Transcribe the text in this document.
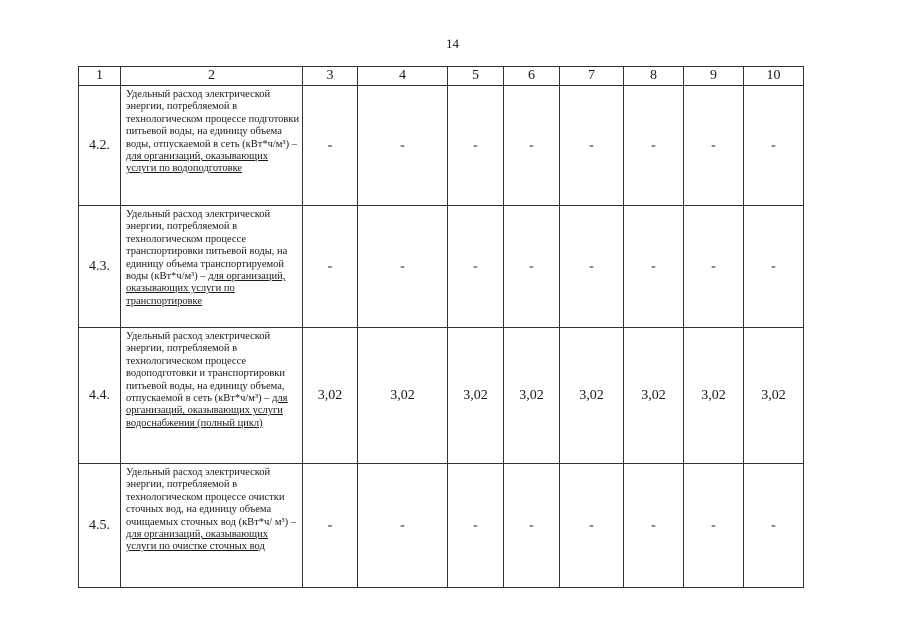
14
1	2	3	4	5	6	7	8	9	10
4.2.	Удельный расход электрической энергии, потребляемой в технологическом процессе подготовки питьевой воды, на единицу объема воды, отпускаемой в сеть (кВт*ч/м³) – для организаций, оказывающих услуги по водоподготовке	-	-	-	-	-	-	-	-
4.3.	Удельный расход электрической энергии, потребляемой в технологическом процессе транспортировки питьевой воды, на единицу объема транспортируемой воды (кВт*ч/м³) – для организаций, оказывающих услуги по транспортировке	-	-	-	-	-	-	-	-
4.4.	Удельный расход электрической энергии, потребляемой в технологическом процессе водоподготовки и транспортировки питьевой воды, на единицу объема, отпускаемой в сеть (кВт*ч/м³) – для организаций, оказывающих услуги водоснабжения (полный цикл)	3,02	3,02	3,02	3,02	3,02	3,02	3,02	3,02
4.5.	Удельный расход электрической энергии, потребляемой в технологическом процессе очистки сточных вод, на единицу объема очищаемых сточных вод (кВт*ч/ м³) – для организаций, оказывающих услуги по очистке сточных вод	-	-	-	-	-	-	-	-
